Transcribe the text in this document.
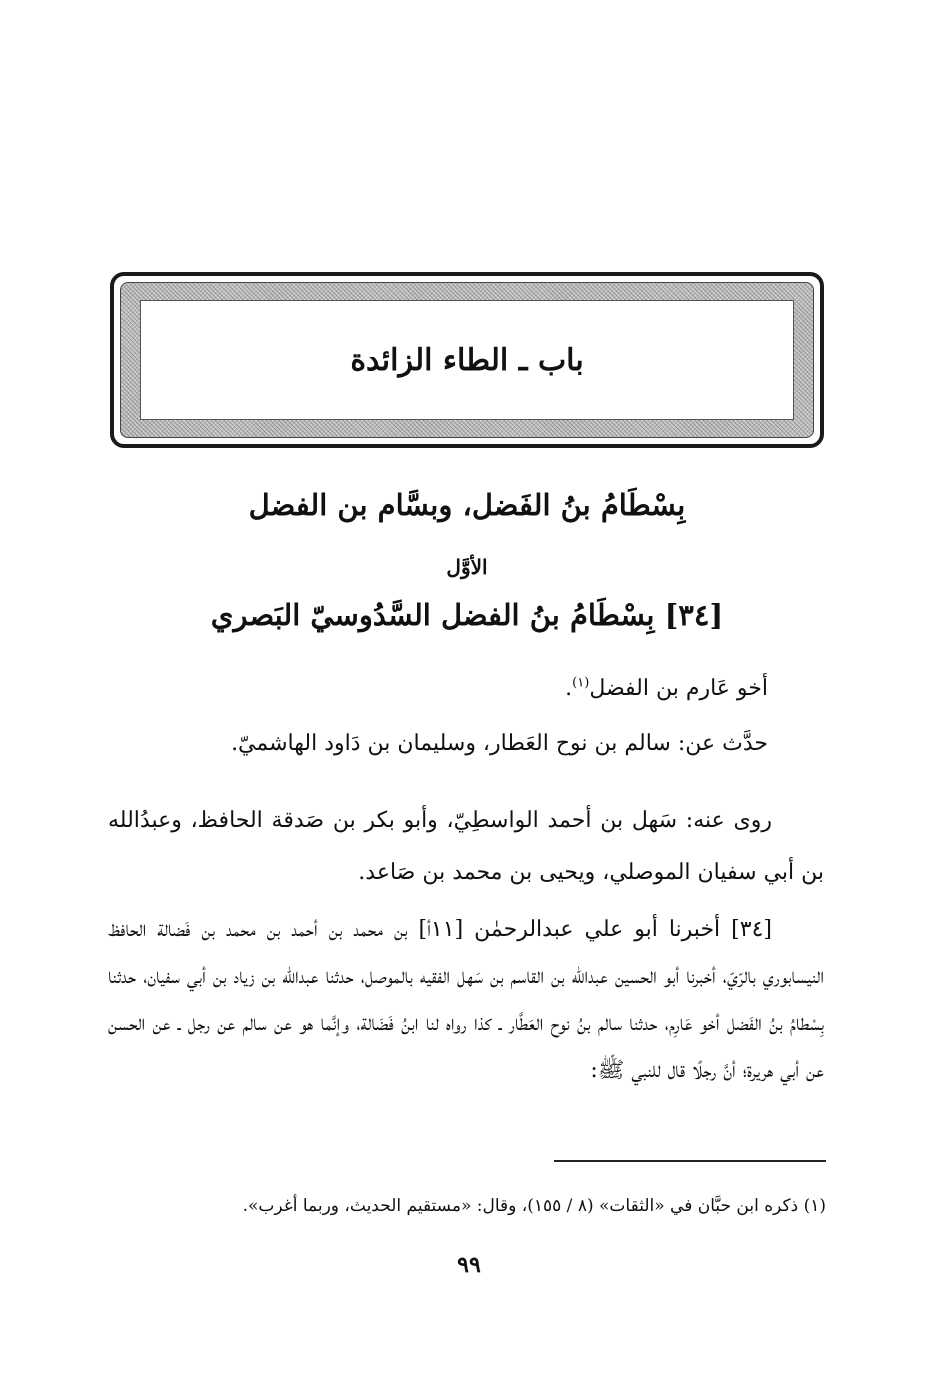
باب ـ الطاء الزائدة
بِسْطَامُ بنُ الفَضل، وبسَّام بن الفضل
الأوَّل
[٣٤] بِسْطَامُ بنُ الفضل السَّدُوسيّ البَصري

أخو عَارم بن الفضل$^{(١)}$.

حدَّث عن: سالم بن نوح العَطار، وسليمان بن دَاود الهاشميّ.

روى عنه: سَهل بن أحمد الواسطِيّ، وأبو بكر بن صَدقة الحافظ، وعبدُالله بن أبي سفيان الموصلي، ويحيى بن محمد بن صَاعد.

[٣٤] أخبرنا أبو علي عبدالرحمٰن [١١أ] بن محمد بن أحمد بن محمد بن فَضالة الحافظ النيسابوري بالرّيّ، أخبرنا أبو الحسين عبدالله بن القاسم بن سَهل الفقيه بالموصل، حدثنا عبدالله بن زياد بن أبي سفيان، حدثنا بِسْطامُ بنُ الفَضل أخو عَارِم، حدثنا سالم بنُ نوح العَطَّار ـ كذا رواه لنا ابنُ فَضَالة، وإنَّما هو عن سالم عن رجل ـ عن الحسن عن أبي هريرة؛ أنَّ رجلًا قال للنبي ﷺ:

(١) ذكره ابن حبَّان في «الثقات» (٨ / ١٥٥)، وقال: «مستقيم الحديث، وربما أغرب».

٩٩
